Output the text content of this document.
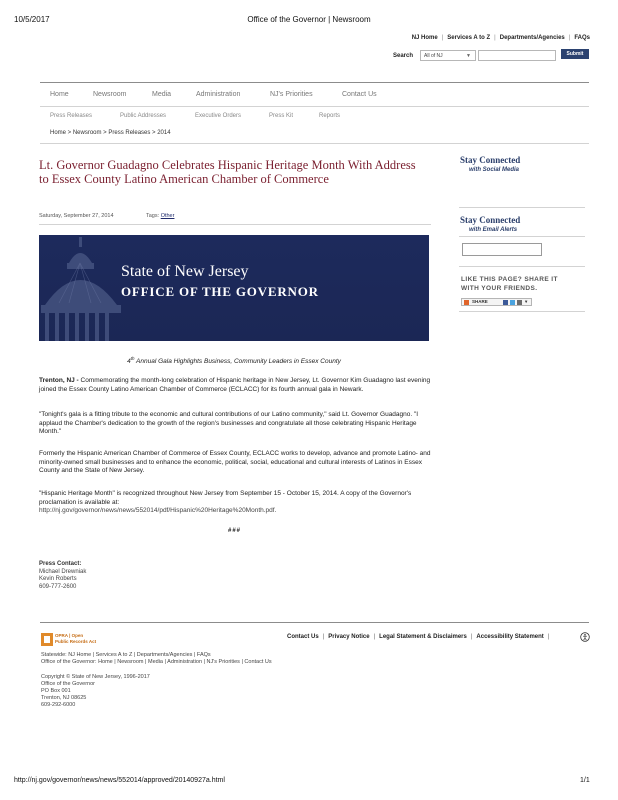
10/5/2017	Office of the Governor | Newsroom
NJ Home | Services A to Z | Departments/Agencies | FAQs
Search	All of NJ	▼	Submit
Home	Newsroom	Media	Administration	NJ's Priorities	Contact Us
Press Releases	Public Addresses	Executive Orders	Press Kit	Reports
Home > Newsroom > Press Releases > 2014
Lt. Governor Guadagno Celebrates Hispanic Heritage Month With Address to Essex County Latino American Chamber of Commerce
Saturday, September 27, 2014	Tags: Other
State of New Jersey
OFFICE OF THE GOVERNOR
4th Annual Gala Highlights Business, Community Leaders in Essex County
Trenton, NJ - Commemorating the month-long celebration of Hispanic heritage in New Jersey, Lt. Governor Kim Guadagno last evening joined the Essex County Latino American Chamber of Commerce (ECLACC) for its fourth annual gala in Newark.
"Tonight's gala is a fitting tribute to the economic and cultural contributions of our Latino community," said Lt. Governor Guadagno. "I applaud the Chamber's dedication to the growth of the region's businesses and congratulate all those celebrating Hispanic Heritage Month."
Formerly the Hispanic American Chamber of Commerce of Essex County, ECLACC works to develop, advance and promote Latino- and minority-owned small businesses and to enhance the economic, political, social, educational and cultural interests of Latinos in Essex County and the State of New Jersey.
"Hispanic Heritage Month" is recognized throughout New Jersey from September 15 - October 15, 2014. A copy of the Governor's proclamation is available at:
http://nj.gov/governor/news/news/552014/pdf/Hispanic%20Heritage%20Month.pdf.
###
Press Contact:
Michael Drewniak
Kevin Roberts
609-777-2600
Stay Connected
with Social Media
Stay Connected
with Email Alerts
LIKE THIS PAGE? SHARE IT
WITH YOUR FRIENDS.
SHARE	▾
OPRA | Open
Public Records Act
Contact Us | Privacy Notice | Legal Statement & Disclaimers | Accessibility Statement |
Statewide: NJ Home | Services A to Z | Departments/Agencies | FAQs
Office of the Governor: Home | Newsroom | Media | Administration | NJ's Priorities | Contact Us
Copyright © State of New Jersey, 1996-2017
Office of the Governor
PO Box 001
Trenton, NJ 08625
609-292-6000
http://nj.gov/governor/news/news/552014/approved/20140927a.html	1/1
